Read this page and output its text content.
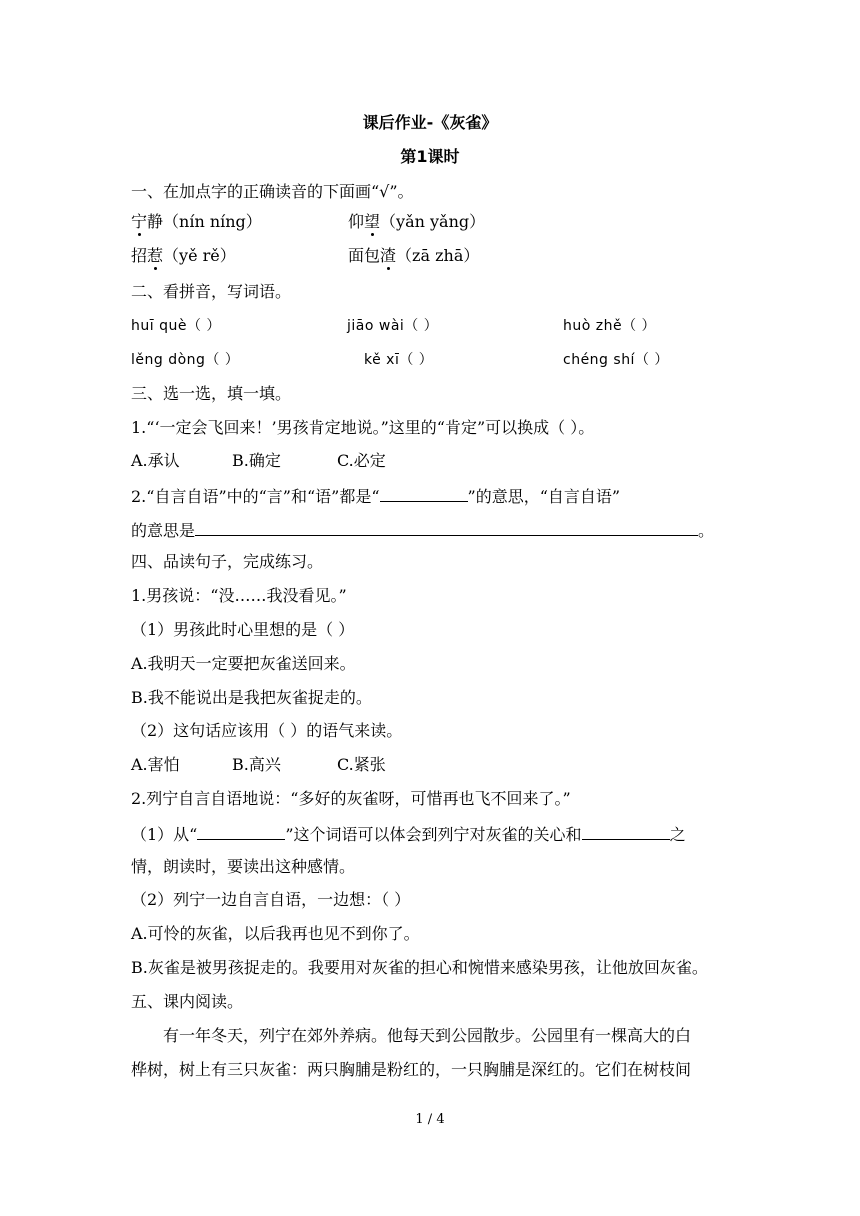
课后作业-《灰雀》
第1课时
一、在加点字的正确读音的下面画“√”。
宁静（nín níng）	仰望（yǎn yǎng）
招惹（yě rě）	面包渣（zā zhā）
二、看拼音，写词语。
huī què（ ）	jiāo wài（ ）	huò zhě（ ）
lěng dòng（ ）	kě xī（ ）	chéng shí（ ）
三、选一选，填一填。
1.“‘一定会飞回来！’男孩肯定地说。”这里的“肯定”可以换成（ ）。
A.承认	B.确定	C.必定
2.“自言自语”中的“言”和“语”都是“	”的意思，“自言自语”
的意思是	。
四、品读句子，完成练习。
1.男孩说：“没……我没看见。”
（1）男孩此时心里想的是（ ）
A.我明天一定要把灰雀送回来。
B.我不能说出是我把灰雀捉走的。
（2）这句话应该用（ ）的语气来读。
A.害怕	B.高兴	C.紧张
2.列宁自言自语地说：“多好的灰雀呀，可惜再也飞不回来了。”
（1）从“	”这个词语可以体会到列宁对灰雀的关心和	之
情，朗读时，要读出这种感情。
（2）列宁一边自言自语，一边想：（ ）
A.可怜的灰雀，以后我再也见不到你了。
B.灰雀是被男孩捉走的。我要用对灰雀的担心和惋惜来感染男孩，让他放回灰雀。
五、课内阅读。
有一年冬天，列宁在郊外养病。他每天到公园散步。公园里有一棵高大的白
桦树，树上有三只灰雀：两只胸脯是粉红的，一只胸脯是深红的。它们在树枝间
1 / 4
